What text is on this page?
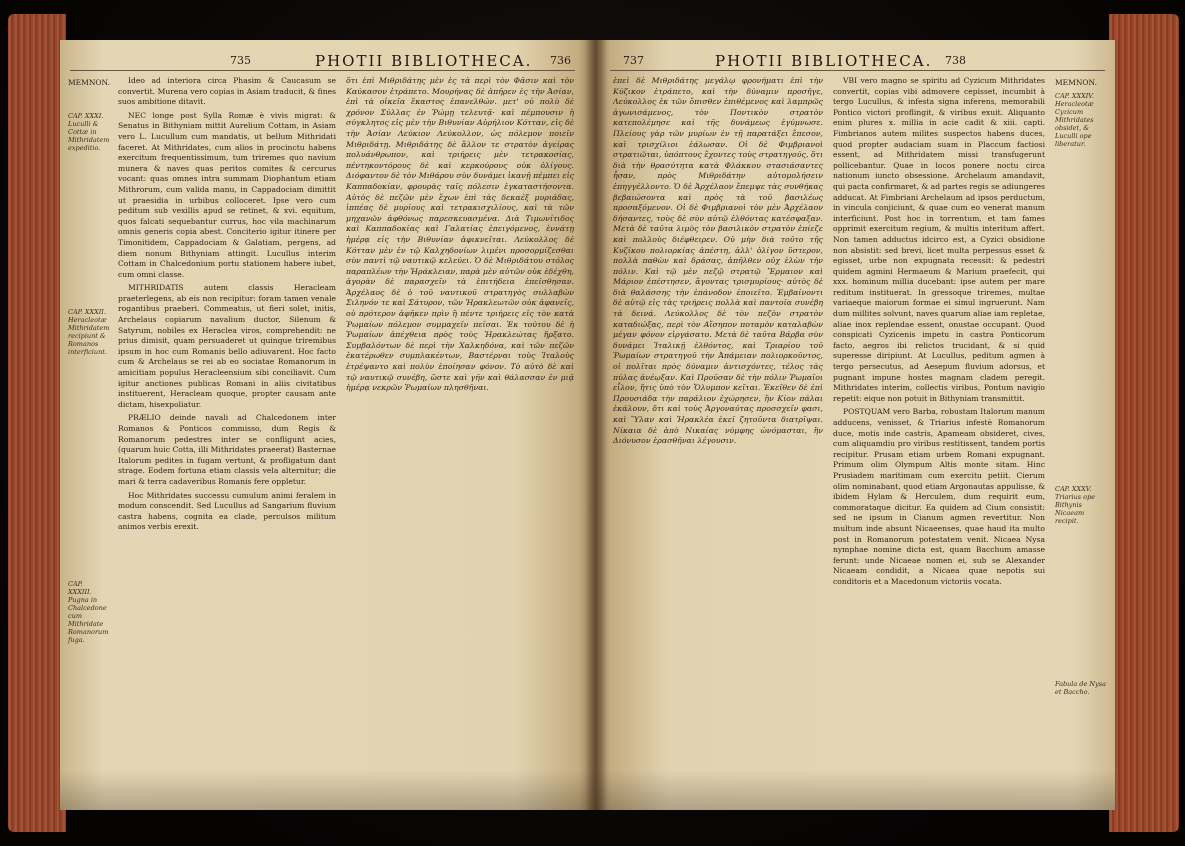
735	PHOTII BIBLIOTHECA. 736
MEMNON.
CAP. XXXI. Luculli & Cottæ in Mithridatem expeditio.
CAP. XXXII. Heracleotæ Mithridatem recipiunt & Romanos interficiunt.
CAP. XXXIII. Pugna in Chalcedone cum Mithridate Romanorum fuga.

Ideo ad interiora circa Phasim & Caucasum se convertit. Murena vero copias in Asiam traducit, & fines suos ambitione ditavit.

NEC longe post Sylla Romæ è vivis migrat: & Senatus in Bithyniam mittit Aurelium Cottam, in Asiam vero L. Lucullum cum mandatis, ut bellum Mithridati faceret. At Mithridates, cum alios in procinctu habens exercitum frequentissimum, tum triremes quo navium munera & naves quas peritos comites & cercurus vocant: quas omnes intra summam Diophantum etiam Mithrorum, cum valida manu, in Cappadociam dimittit ut praesidia in urbibus colloceret. Ipse vero cum peditum sub vexillis apud se retinet, & xvi. equitum, quos falcati sequebantur currus, hoc vila machinarum omnis generis copia abest. Conciterio igitur itinere per Timonitidem, Cappadociam & Galatiam, pergens, ad diem nonum Bithyniam attingit. Lucullus interim Cottam in Chalcedonium portu stationem habere iubet, cum omni classe.

MITHRIDATIS autem classis Heracleam praeterlegens, ab eis non recipitur: foram tamen venale rogantibus praeberi. Commeatus, ut fieri solet, initis, Archelaus copiarum navalium ductor, Silenum & Satyrum, nobiles ex Heraclea viros, comprehendit: ne prius dimisit, quam persuaderet ut quinque triremibus ipsum in hoc cum Romanis bello adiuvarent. Hoc facto cum & Archelaus se rei ab eo sociatae Romanorum in amicitiam populus Heracleensium sibi conciliavit. Cum igitur anctiones publicas Romani in aliis civitatibus instituerent, Heracleam quoque, propter causam ante dictam, hisexpoliatur.

PRÆLIO deinde navali ad Chalcedonem inter Romanos & Ponticos commisso, dum Regis & Romanorum pedestres inter se confligunt acies, (quarum huic Cotta, illi Mithridates praeerat) Basternae Italorum pedites in fugam vertunt, & profligatum dant strage. Eodem fortuna etiam classis vela alternitur; die mari & terra cadaveribus Romanis fere oppletur.

Hoc Mithridates successu cumulum animi feralem in modum conscendit. Sed Lucullus ad Sangarium fluvium castra habens, cognita ea clade, perculsos militum animos verbis erexit.

ὅτι ἐπὶ Μιθριδάτης μὲν ἐς τὰ περὶ τὸν Φᾶσιν καὶ τὸν Καύκασον ἐτράπετο. Μουρήνας δὲ ἀπῆρεν ἐς τὴν Ἀσίαν, ἐπὶ τὰ οἰκεῖα ἕκαστος ἐπανελθών. μετ' οὐ πολὺ δὲ χρόνον Σύλλας ἐν Ῥώμῃ τελευτᾷ· καὶ πέμπουσιν ἡ σύγκλητος εἰς μὲν τὴν Βιθυνίαν Αὐρήλιον Κότταν, εἰς δὲ τὴν Ἀσίαν Λεύκιον Λεύκολλον, ὡς πόλεμον ποιεῖν Μιθριδάτῃ. Μιθριδάτης δὲ ἄλλον τε στρατὸν ἀγείρας πολυάνθρωπον, καὶ τριήρεις μὲν τετρακοσίας, πέντηκοντόρους δὲ καὶ κερκούρους οὐκ ὀλίγους. Διόφαντον δὲ τὸν Μιθάρου σὺν δυνάμει ἱκανῇ πέμπει εἰς Καππαδοκίαν, φρουρὰς ταῖς πόλεσιν ἐγκαταστήσοντα. Αὐτὸς δὲ πεζῶν μὲν ἔχων ἐπὶ τὰς δεκαέξ μυριάδας, ἱππέας δὲ μυρίους καὶ τετρακισχιλίους, καὶ τὰ τῶν μηχανῶν ἀφθόνως παρεσκευασμένα. Διὰ Τιμωνίτιδος καὶ Καππαδοκίας καὶ Γαλατίας ἐπειγόμενος, ἐννάτῃ ἡμέρᾳ εἰς τὴν Βιθυνίαν ἀφικνεῖται. Λεύκολλος δὲ Κότταν μὲν ἐν τῷ Καλχηδονίων λιμένι προσορμίζεσθαι σὺν παντὶ τῷ ναυτικῷ κελεύει. Ὁ δὲ Μιθριδάτου στόλος παραπλέων τὴν Ἡράκλειαν, παρὰ μὲν αὐτῶν οὐκ ἐδέχθη, ἀγορὰν δὲ παρασχεῖν τὰ ἐπιτήδεια ἐπείσθησαν. Ἀρχέλαος δὲ ὁ τοῦ ναυτικοῦ στρατηγὸς συλλαβὼν Σιληνόν τε καὶ Σάτυρον, τῶν Ἡρακλεωτῶν οὐκ ἀφανεῖς, οὐ πρότερον ἀφῆκεν πρὶν ἢ πέντε τριήρεις εἰς τὸν κατὰ Ῥωμαίων πόλεμον συμμαχεῖν πεῖσαι. Ἐκ τούτου δὲ ἡ Ῥωμαίων ἀπέχθεια πρὸς τοὺς Ἡρακλεώτας ἤρξατο. Συμβαλόντων δὲ περὶ τὴν Χαλκηδόνα, καὶ τῶν πεζῶν ἐκατέρωθεν συμπλακέντων, Βαστέρναι τοὺς Ἰταλοὺς ἐτρέψαντο καὶ πολὺν ἐποίησαν φόνον. Τὸ αὐτὸ δὲ καὶ τῷ ναυτικῷ συνέβη, ὥστε καὶ γῆν καὶ θάλασσαν ἐν μιᾷ ἡμέρᾳ νεκρῶν Ῥωμαίων πλησθῆναι.
737	PHOTII BIBLIOTHECA. 738
ἐπεὶ δὲ Μιθριδάτης μεγάλῳ φρονήματι ἐπὶ τὴν Κύζικον ἐτράπετο, καὶ τὴν δύναμιν προσῆγε, Λεύκολλος ἐκ τῶν ὄπισθεν ἐπιθέμενος καὶ λαμπρῶς ἀγωνισάμενος, τὸν Ποντικὸν στρατὸν κατεπολέμησε καὶ τῆς δυνάμεως ἐγύμνωσε. Πλείους γὰρ τῶν μυρίων ἐν τῇ παρατάξει ἔπεσον, καὶ τρισχίλιοι ἑάλωσαν. Οἱ δὲ Φιμβριανοὶ στρατιῶται, ὑπόπτους ἔχοντες τοὺς στρατηγούς, ὅτι διὰ τὴν θρασύτητα κατὰ Φλάκκου στασιάσαντες ἦσαν, πρὸς Μιθριδάτην αὐτομολήσειν ἐπηγγέλλοντο. Ὁ δὲ Ἀρχέλαον ἔπεμψε τὰς συνθήκας βεβαιώσοντα καὶ πρὸς τὰ τοῦ βασιλέως προσαξόμενον. Οἱ δὲ Φιμβριανοὶ τὸν μὲν Ἀρχέλαον δήσαντες, τοὺς δὲ σὺν αὐτῷ ἐλθόντας κατέσφαξαν. Μετὰ δὲ ταῦτα λιμὸς τὸν βασιλικὸν στρατὸν ἐπίεζε καὶ πολλοὺς διέφθειρεν. Οὐ μὴν διὰ τοῦτο τῆς Κυζίκου πολιορκίας ἀπέστη, ἀλλ' ὀλίγον ὕστερον, πολλὰ παθὼν καὶ δράσας, ἀπῆλθεν οὐχ ἑλὼν τὴν πόλιν. Καὶ τῷ μὲν πεζῷ στρατῷ Ἕρμαιον καὶ Μάριον ἐπέστησεν, ἄγοντας τρισμυρίους· αὐτὸς δὲ διὰ θαλάσσης τὴν ἐπάνοδον ἐποιεῖτο. Ἐμβαίνοντι δὲ αὐτῷ εἰς τὰς τριήρεις πολλὰ καὶ παντοῖα συνέβη τὰ δεινά. Λεύκολλος δὲ τὸν πεζὸν στρατὸν καταδιώξας, περὶ τὸν Αἴσηπον ποταμὸν καταλαβὼν μέγαν φόνον εἰργάσατο. Μετὰ δὲ ταῦτα Βάρβα σὺν δυνάμει Ἰταλικῇ ἐλθόντος, καὶ Τριαρίου τοῦ Ῥωμαίων στρατηγοῦ τὴν Ἀπάμειαν πολιορκοῦντος, οἱ πολῖται πρὸς δύναμιν ἀντισχόντες, τέλος τὰς πύλας ἀνέῳξαν. Καὶ Προῦσαν δὲ τὴν πόλιν Ῥωμαῖοι εἷλον, ἥτις ὑπὸ τὸν Ὄλυμπον κεῖται. Ἐκεῖθεν δὲ ἐπὶ Προυσιάδα τὴν παράλιον ἐχώρησεν, ἣν Κίον πάλαι ἐκάλουν, ὅτι καὶ τοὺς Ἀργοναύτας προσσχεῖν φασι, καὶ Ὕλαν καὶ Ἡρακλέα ἐκεῖ ζητοῦντα διατρῖψαι. Νίκαια δὲ ἀπὸ Νικαίας νύμφης ὠνόμασται, ἣν Διόνυσον ἐρασθῆναι λέγουσιν.

VBI vero magno se spiritu ad Cyzicum Mithridates convertit, copias vibi admovere cepisset, incumbit à tergo Lucullus, & infesta signa inferens, memorabili Pontico victori proflingit, & viribus exuit. Aliquanto enim plures x. millia in acie cadit & xiii. capti. Fimbrianos autem milites suspectos habens duces, quod propter audaciam suam in Placcum factiosi essent, ad Mithridatem missi transfugerunt pollicebantur. Quae in locos ponere noctu circa nationum iuncto obsessione. Archelaum amandavit, qui pacta confirmaret, & ad partes regis se adiungeres adducat. At Fimbriani Archelaum ad ipsos perductum, in vincula conjiciunt, & quae cum eo venerat manum interficiunt. Post hoc in torrentum, et tam fames opprimit exercitum regium, & multis interitum affert. Non tamen adductus idcirco est, a Cyzici obsidione non absistit: sed brevi, licet multa perpessus esset & egisset, urbe non expugnata recessit: & pedestri quidem agmini Hermaeum & Marium praefecit, qui xxx. hominum millia ducebant: ipse autem per mare reditum instituerat. In gressoque triremes, multae variaeque maiorum formae ei simul ingruerunt. Nam dum millites solvunt, naves quarum aliae iam repletae, aliae inox replendae essent, onustae occupant. Quod conspicati Cyzicenis impetu in castra Ponticorum facto, aegros ibi relictos trucidant, & si quid superesse diripiunt. At Lucullus, peditum agmen à tergo persecutus, ad Aesepum fluvium adorsus, et pugnant impune hostes magnam cladem peregit. Mithridates interim, collectis viribus, Pontum navigio repetit: eique non potuit in Bithyniam transmittit.

POSTQUAM vero Barba, robustam Italorum manum adducens, venisset, & Triarius infestè Romanorum duce, motis inde castris, Apameam obsideret, cives, cum aliquamdiu pro viribus restitissent, tandem portis recipitur. Prusam etiam urbem Romani expugnant. Primum olim Olympum Altis monte sitam. Hinc Prusiadem maritimam cum exercitu petiit. Cierum olim nominabant, quod etiam Argonautas appulisse, & ibidem Hylam & Herculem, dum requirit eum, commorataque dicitur. Ea quidem ad Cium consistit: sed ne ipsum in Cianum agmen revertitur. Non multum inde absunt Nicaeenses, quae haud ita multo post in Romanorum potestatem venit. Nicaea Nysa nymphae nomine dicta est, quam Bacchum amasse ferunt: unde Nicaeae nomen ei, sub se Alexander Nicaeam condidit, a Nicaea quae nepotis sui conditoris et a Macedonum victoriis vocata.

MEMNON.
CAP. XXXIV. Heracleotæ Cyzicum Mithridates obsidet, & Luculli ope liberatur.
CAP. XXXV. Triarius ope Bithynis Nicaeam recipit.
Fabula de Nysa et Baccho.
